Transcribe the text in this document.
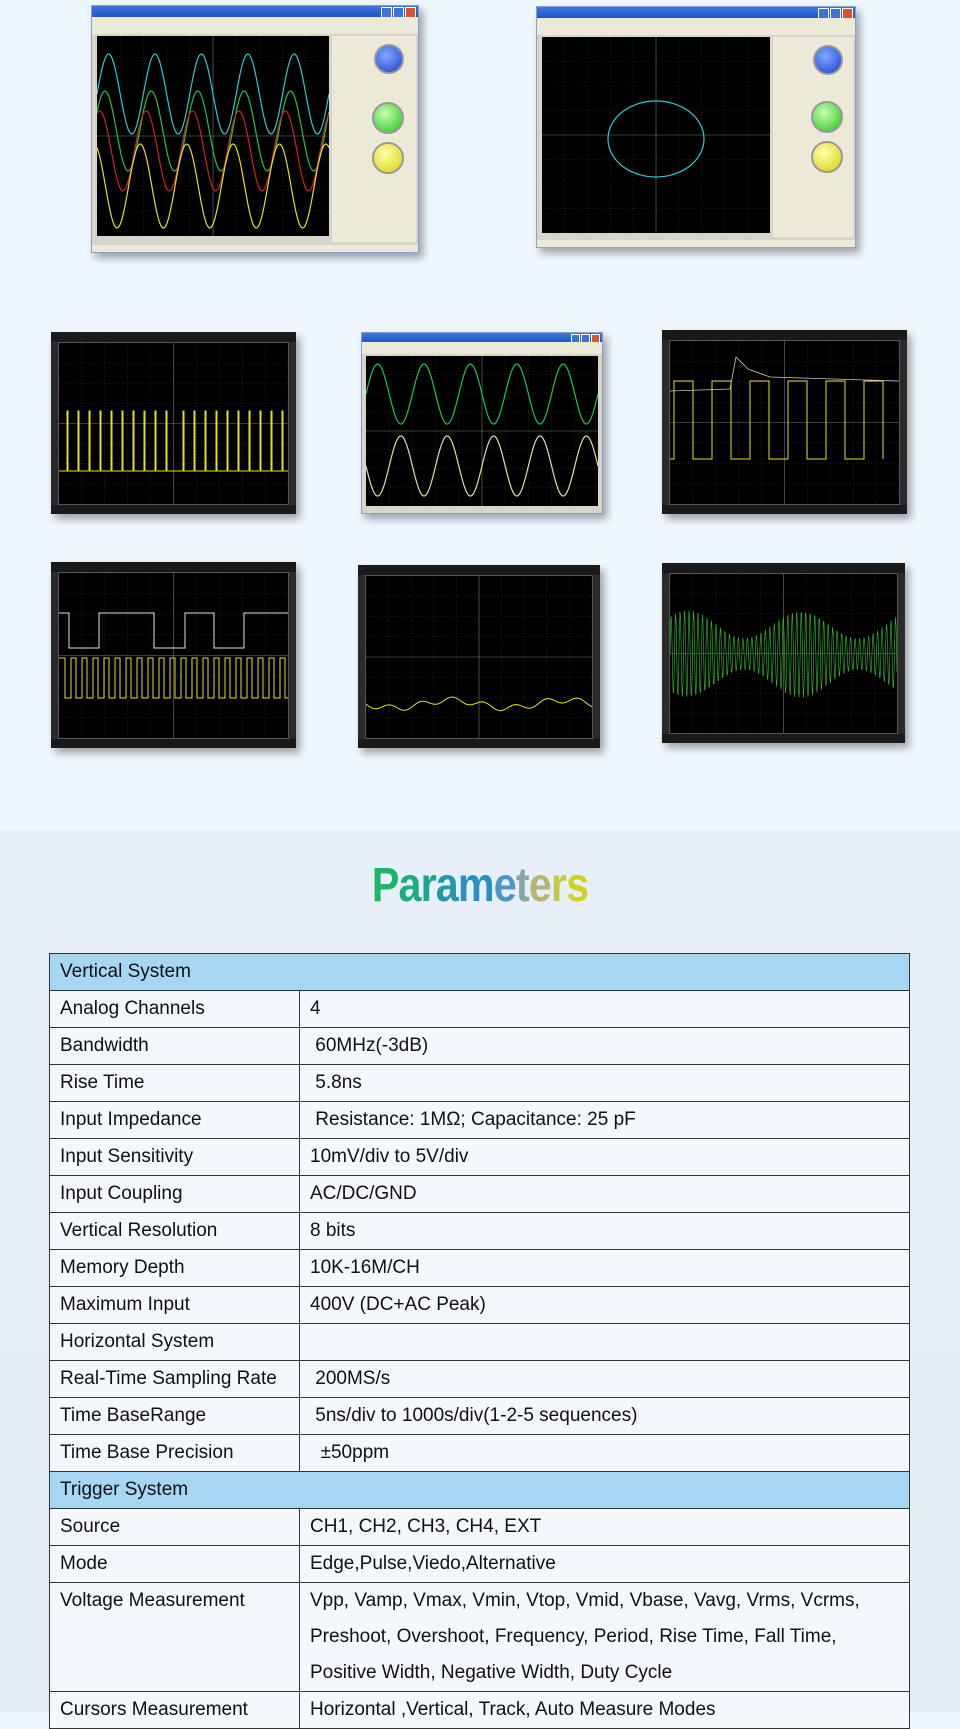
Parameters
Vertical System	
Analog Channels	4
Bandwidth	60MHz(-3dB)
Rise Time	5.8ns
Input Impedance	Resistance: 1MΩ; Capacitance: 25 pF
Input Sensitivity	10mV/div to 5V/div
Input Coupling	AC/DC/GND
Vertical Resolution	8 bits
Memory Depth	10K-16M/CH
Maximum Input	400V (DC+AC Peak)
Horizontal System	
Real-Time Sampling Rate	200MS/s
Time BaseRange	5ns/div to 1000s/div(1-2-5 sequences)
Time Base Precision	±50ppm
Trigger System	
Source	CH1, CH2, CH3, CH4, EXT
Mode	Edge,Pulse,Viedo,Alternative
Voltage Measurement	Vpp, Vamp, Vmax, Vmin, Vtop, Vmid, Vbase, Vavg, Vrms, Vcrms, Preshoot, Overshoot, Frequency, Period, Rise Time, Fall Time, Positive Width, Negative Width, Duty Cycle
Cursors Measurement	Horizontal ,Vertical, Track, Auto Measure Modes
